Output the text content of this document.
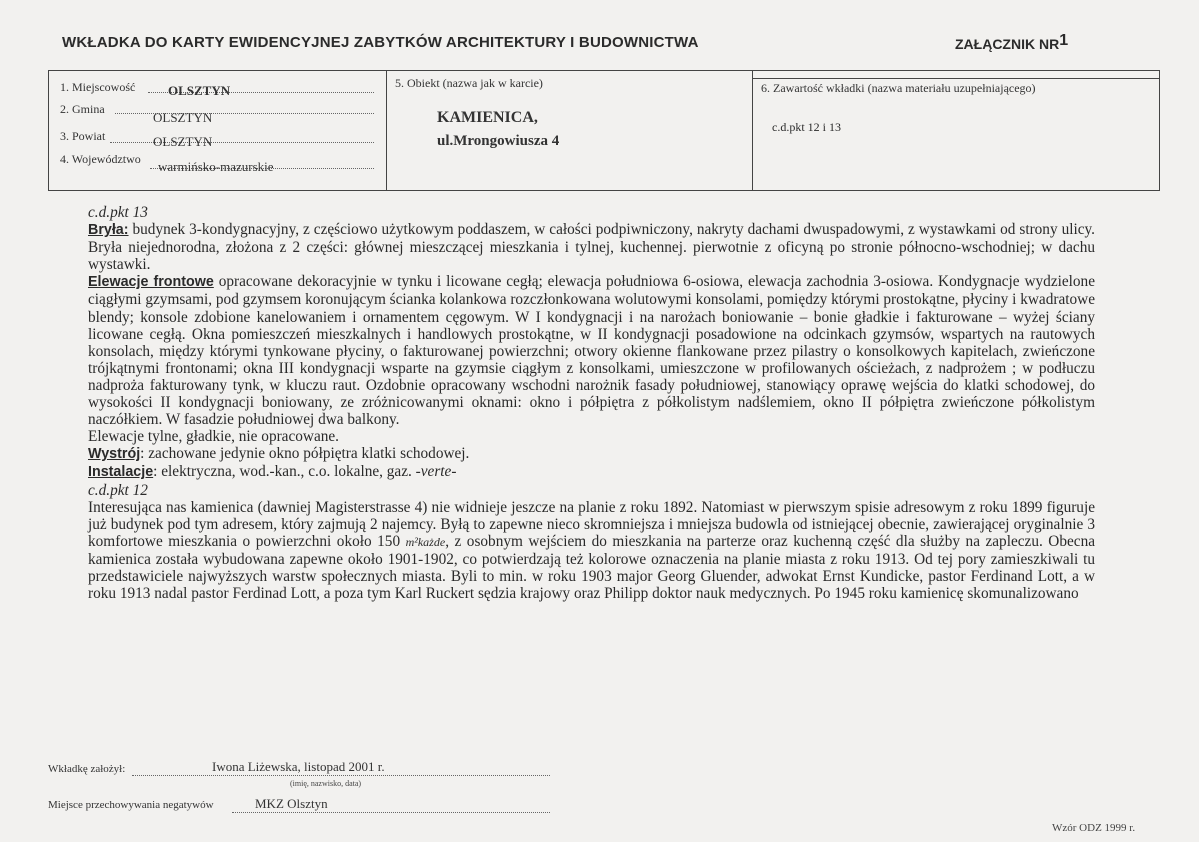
WKŁADKA DO KARTY EWIDENCYJNEJ ZABYTKÓW ARCHITEKTURY I BUDOWNICTWA	ZAŁĄCZNIK NR1
1. Miejscowość	OLSZTYN
2. Gmina
OLSZTYN
3. Powiat	OLSZTYN
4. Województwo warmińsko-mazurskie
5. Obiekt (nazwa jak w karcie)
KAMIENICA,
ul.Mrongowiusza 4
6. Zawartość wkładki (nazwa materiału uzupełniającego)
c.d.pkt 12 i 13

c.d.pkt 13

Bryła: budynek 3-kondygnacyjny, z częściowo użytkowym poddaszem, w całości podpiwniczony, nakryty dachami dwuspadowymi, z wystawkami od strony ulicy. Bryła niejednorodna, złożona z 2 części: głównej mieszczącej mieszkania i tylnej, kuchennej. pierwotnie z oficyną po stronie północno-wschodniej; w dachu wystawki.

Elewacje frontowe opracowane dekoracyjnie w tynku i licowane cegłą; elewacja południowa 6-osiowa, elewacja zachodnia 3-osiowa. Kondygnacje wydzielone ciągłymi gzymsami, pod gzymsem koronującym ścianka kolankowa rozczłonkowana wolutowymi konsolami, pomiędzy którymi prostokątne, płyciny i kwadratowe blendy; konsole zdobione kanelowaniem i ornamentem cęgowym. W I kondygnacji i na narożach boniowanie – bonie gładkie i fakturowane – wyżej ściany licowane cegłą. Okna pomieszczeń mieszkalnych i handlowych prostokątne, w II kondygnacji posadowione na odcinkach gzymsów, wspartych na rautowych konsolach, między którymi tynkowane płyciny, o fakturowanej powierzchni; otwory okienne flankowane przez pilastry o konsolkowych kapitelach, zwieńczone trójkątnymi frontonami; okna III kondygnacji wsparte na gzymsie ciągłym z konsolkami, umieszczone w profilowanych ościeżach, z nadprożem ; w podłuczu nadproża fakturowany tynk, w kluczu raut. Ozdobnie opracowany wschodni narożnik fasady południowej, stanowiący oprawę wejścia do klatki schodowej, do wysokości II kondygnacji boniowany, ze zróżnicowanymi oknami: okno i półpiętra z półkolistym nadślemiem, okno II półpiętra zwieńczone półkolistym naczółkiem. W fasadzie południowej dwa balkony.

Elewacje tylne, gładkie, nie opracowane.

Wystrój: zachowane jedynie okno półpiętra klatki schodowej.

Instalacje: elektryczna, wod.-kan., c.o. lokalne, gaz. -verte-

c.d.pkt 12

Interesująca nas kamienica (dawniej Magisterstrasse 4) nie widnieje jeszcze na planie z roku 1892. Natomiast w pierwszym spisie adresowym z roku 1899 figuruje już budynek pod tym adresem, który zajmują 2 najemcy. Byłą to zapewne nieco skromniejsza i mniejsza budowla od istniejącej obecnie, zawierającej oryginalnie 3 komfortowe mieszkania o powierzchni około 150 m²każde, z osobnym wejściem do mieszkania na parterze oraz kuchenną część dla służby na zapleczu. Obecna kamienica została wybudowana zapewne około 1901-1902, co potwierdzają też kolorowe oznaczenia na planie miasta z roku 1913. Od tej pory zamieszkiwali tu przedstawiciele najwyższych warstw społecznych miasta. Byli to min. w roku 1903 major Georg Gluender, adwokat Ernst Kundicke, pastor Ferdinand Lott, a w roku 1913 nadal pastor Ferdinad Lott, a poza tym Karl Ruckert sędzia krajowy oraz Philipp doktor nauk medycznych. Po 1945 roku kamienicę skomunalizowano

Wkładkę założył:	Iwona Liżewska, listopad 2001 r.
(imię, nazwisko, data)
Miejsce przechowywania negatywów	MKZ Olsztyn
Wzór ODZ 1999 r.
